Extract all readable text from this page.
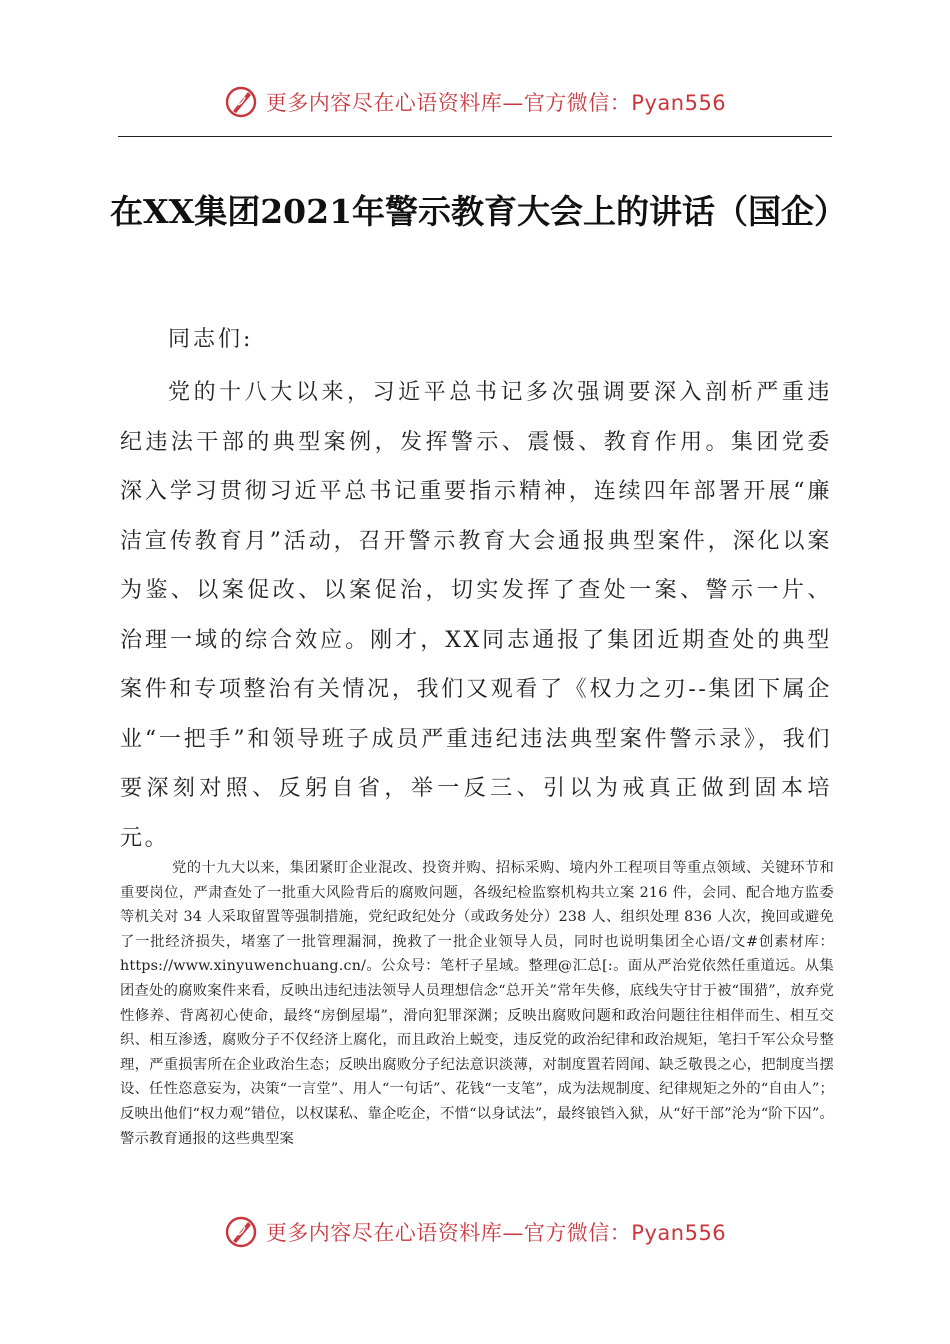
更多内容尽在心语资料库—官方微信：Pyan556
在XX集团2021年警示教育大会上的讲话（国企）
同志们:

党的十八大以来，习近平总书记多次强调要深入剖析严重违纪违法干部的典型案例，发挥警示、震慑、教育作用。集团党委深入学习贯彻习近平总书记重要指示精神，连续四年部署开展“廉洁宣传教育月”活动，召开警示教育大会通报典型案件，深化以案为鉴、以案促改、以案促治，切实发挥了查处一案、警示一片、治理一域的综合效应。刚才，XX同志通报了集团近期查处的典型案件和专项整治有关情况，我们又观看了《权力之刃--集团下属企业“一把手”和领导班子成员严重违纪违法典型案件警示录》，我们要深刻对照、反躬自省，举一反三、引以为戒真正做到固本培元。

党的十九大以来，集团紧盯企业混改、投资并购、招标采购、境内外工程项目等重点领域、关键环节和重要岗位，严肃查处了一批重大风险背后的腐败问题，各级纪检监察机构共立案 216 件，会同、配合地方监委等机关对 34 人采取留置等强制措施，党纪政纪处分（或政务处分）238 人、组织处理 836 人次，挽回或避免了一批经济损失，堵塞了一批管理漏洞，挽救了一批企业领导人员，同时也说明集团全心语/文#创素材库：https://www.xinyuwenchuang.cn/。公众号：笔杆子星域。整理@汇总[:。面从严治党依然任重道远。从集团查处的腐败案件来看，反映出违纪违法领导人员理想信念“总开关”常年失修，底线失守甘于被“围猎”，放弃党性修养、背离初心使命，最终“房倒屋塌”，滑向犯罪深渊；反映出腐败问题和政治问题往往相伴而生、相互交织、相互渗透，腐败分子不仅经济上腐化，而且政治上蜕变，违反党的政治纪律和政治规矩，笔扫千军公众号整理，严重损害所在企业政治生态；反映出腐败分子纪法意识淡薄，对制度置若罔闻、缺乏敬畏之心，把制度当摆设、任性恣意妄为，决策“一言堂”、用人“一句话”、花钱“一支笔”，成为法规制度、纪律规矩之外的“自由人”；反映出他们“权力观”错位，以权谋私、靠企吃企，不惜“以身试法”，最终锒铛入狱，从“好干部”沦为“阶下囚”。警示教育通报的这些典型案

更多内容尽在心语资料库—官方微信：Pyan556
